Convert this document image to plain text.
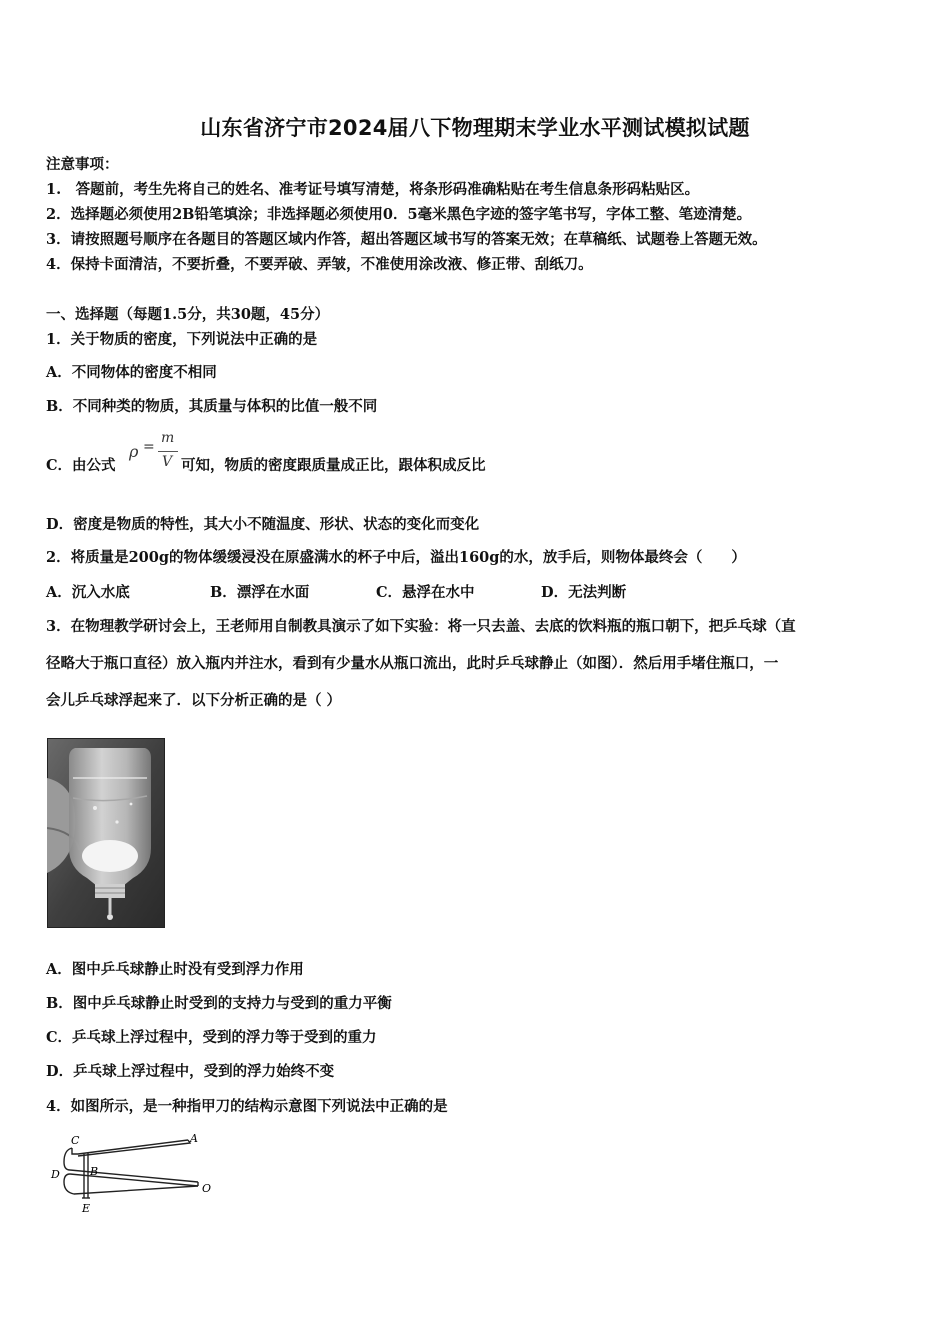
山东省济宁市2024届八下物理期末学业水平测试模拟试题
注意事项：
1.　答题前，考生先将自己的姓名、准考证号填写清楚，将条形码准确粘贴在考生信息条形码粘贴区。
2．选择题必须使用2B铅笔填涂；非选择题必须使用0．5毫米黑色字迹的签字笔书写，字体工整、笔迹清楚。
3．请按照题号顺序在各题目的答题区域内作答，超出答题区域书写的答案无效；在草稿纸、试题卷上答题无效。
4．保持卡面清洁，不要折叠，不要弄破、弄皱，不准使用涂改液、修正带、刮纸刀。
一、选择题（每题1.5分，共30题，45分）
1．关于物质的密度，下列说法中正确的是
A．不同物体的密度不相同
B．不同种类的物质，其质量与体积的比值一般不同
C．由公式
ρ =
m
V 可知，物质的密度跟质量成正比，跟体积成反比
D．密度是物质的特性，其大小不随温度、形状、状态的变化而变化
2．将质量是200g的物体缓缓浸没在原盛满水的杯子中后，溢出160g的水，放手后，则物体最终会（　　）
A．沉入水底	B．漂浮在水面	C．悬浮在水中	D．无法判断
3．在物理教学研讨会上，王老师用自制教具演示了如下实验：将一只去盖、去底的饮料瓶的瓶口朝下，把乒乓球（直
径略大于瓶口直径）放入瓶内并注水，看到有少量水从瓶口流出，此时乒乓球静止（如图）．然后用手堵住瓶口，一
会儿乒乓球浮起来了．以下分析正确的是（ ）
A．图中乒乓球静止时没有受到浮力作用
B．图中乒乓球静止时受到的支持力与受到的重力平衡
C．乒乓球上浮过程中，受到的浮力等于受到的重力
D．乒乓球上浮过程中，受到的浮力始终不变
4．如图所示，是一种指甲刀的结构示意图下列说法中正确的是
C	A
B
D
E
O
